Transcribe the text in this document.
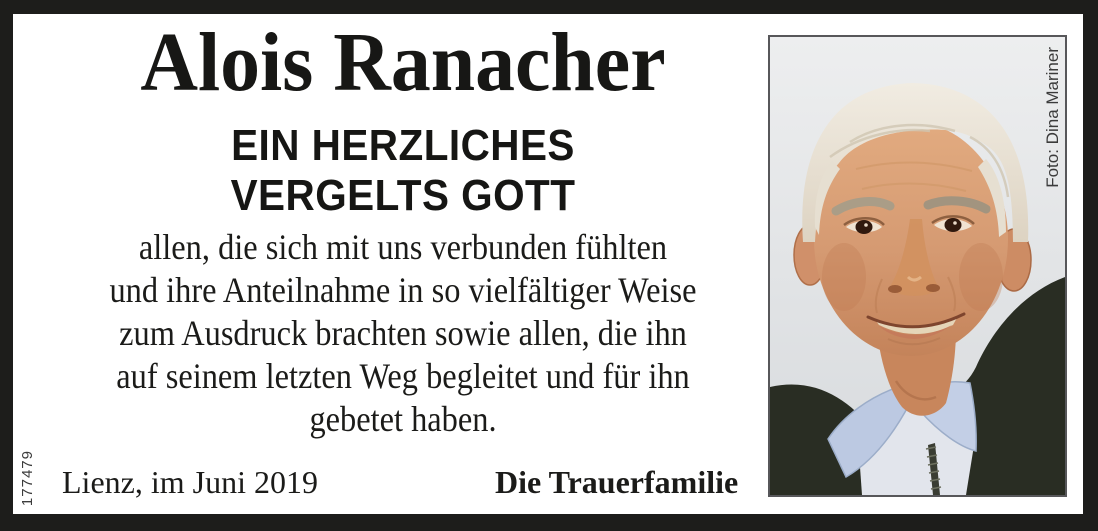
177479
Alois Ranacher
EIN HERZLICHES
VERGELTS GOTT
allen, die sich mit uns verbunden fühlten
und ihre Anteilnahme in so vielfältiger Weise
zum Ausdruck brachten sowie allen, die ihn
auf seinem letzten Weg begleitet und für ihn
gebetet haben.
Lienz, im Juni 2019	Die Trauerfamilie
Foto: Dina Mariner
